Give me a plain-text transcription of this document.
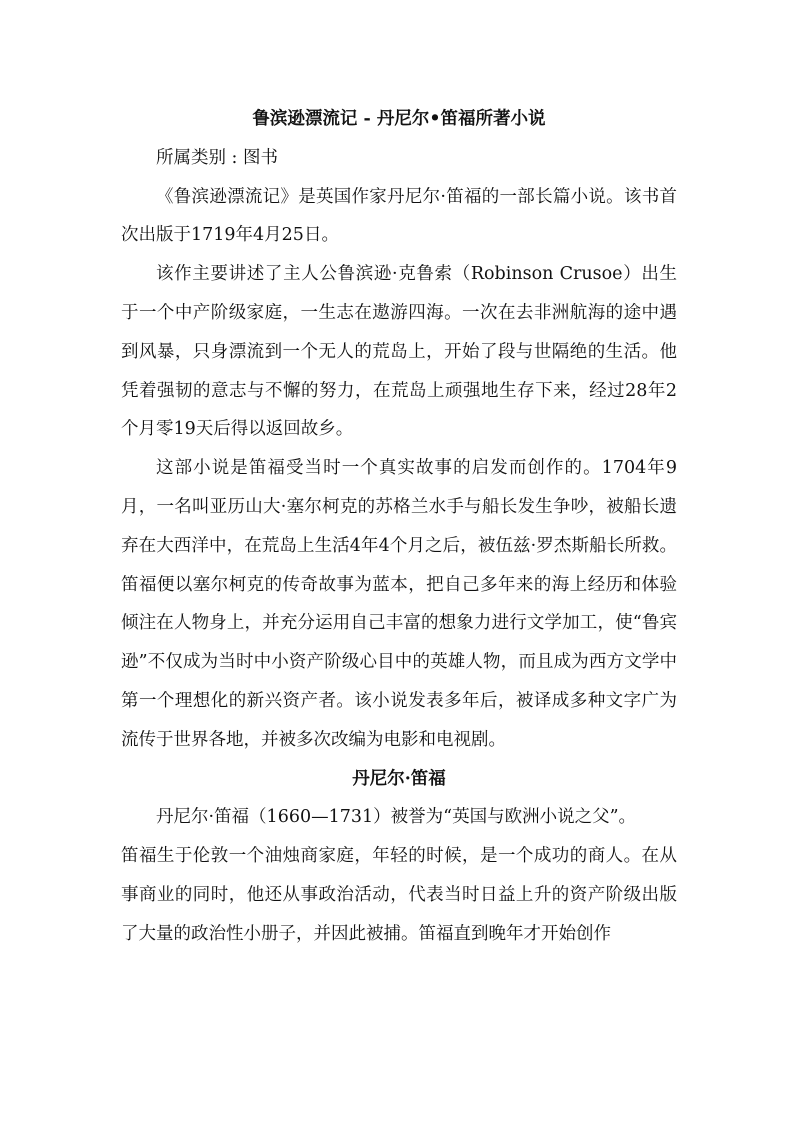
鲁滨逊漂流记 - 丹尼尔•笛福所著小说

所属类别 : 图书

《鲁滨逊漂流记》是英国作家丹尼尔·笛福的一部长篇小说。该书首次出版于1719年4月25日。

该作主要讲述了主人公鲁滨逊·克鲁索（Robinson Crusoe）出生于一个中产阶级家庭，一生志在遨游四海。一次在去非洲航海的途中遇到风暴，只身漂流到一个无人的荒岛上，开始了段与世隔绝的生活。他凭着强韧的意志与不懈的努力，在荒岛上顽强地生存下来，经过28年2个月零19天后得以返回故乡。

这部小说是笛福受当时一个真实故事的启发而创作的。1704年9月，一名叫亚历山大·塞尔柯克的苏格兰水手与船长发生争吵，被船长遗弃在大西洋中，在荒岛上生活4年4个月之后，被伍兹·罗杰斯船长所救。笛福便以塞尔柯克的传奇故事为蓝本，把自己多年来的海上经历和体验倾注在人物身上，并充分运用自己丰富的想象力进行文学加工，使“鲁宾逊”不仅成为当时中小资产阶级心目中的英雄人物，而且成为西方文学中第一个理想化的新兴资产者。该小说发表多年后，被译成多种文字广为流传于世界各地，并被多次改编为电影和电视剧。

丹尼尔·笛福

丹尼尔·笛福（1660—1731）被誉为“英国与欧洲小说之父”。

笛福生于伦敦一个油烛商家庭，年轻的时候，是一个成功的商人。在从事商业的同时，他还从事政治活动，代表当时日益上升的资产阶级出版了大量的政治性小册子，并因此被捕。笛福直到晚年才开始创作
